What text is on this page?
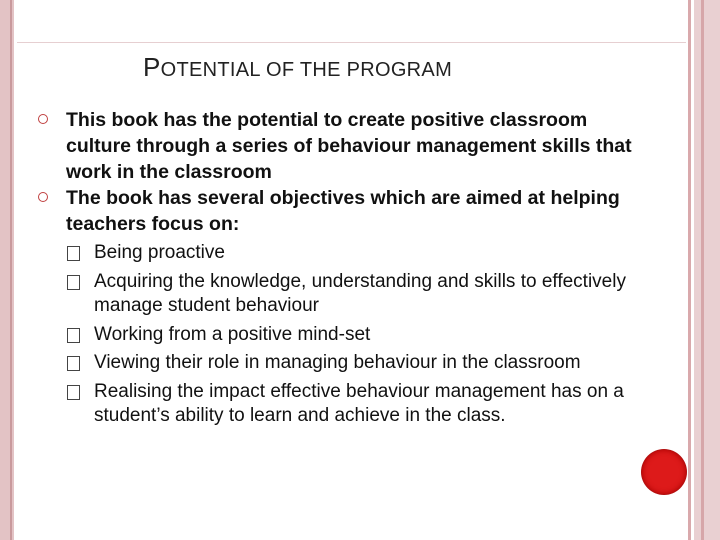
POTENTIAL OF THE PROGRAM
This book has the potential to create positive classroom culture through a series of behaviour management skills that work in the classroom
The book has several objectives which are aimed at helping teachers focus on:
Being proactive
Acquiring the knowledge, understanding and skills to effectively manage student behaviour
Working from a positive mind-set
Viewing their role in managing behaviour in the classroom
Realising the impact effective behaviour management has on a student’s ability to learn and achieve in the class.
